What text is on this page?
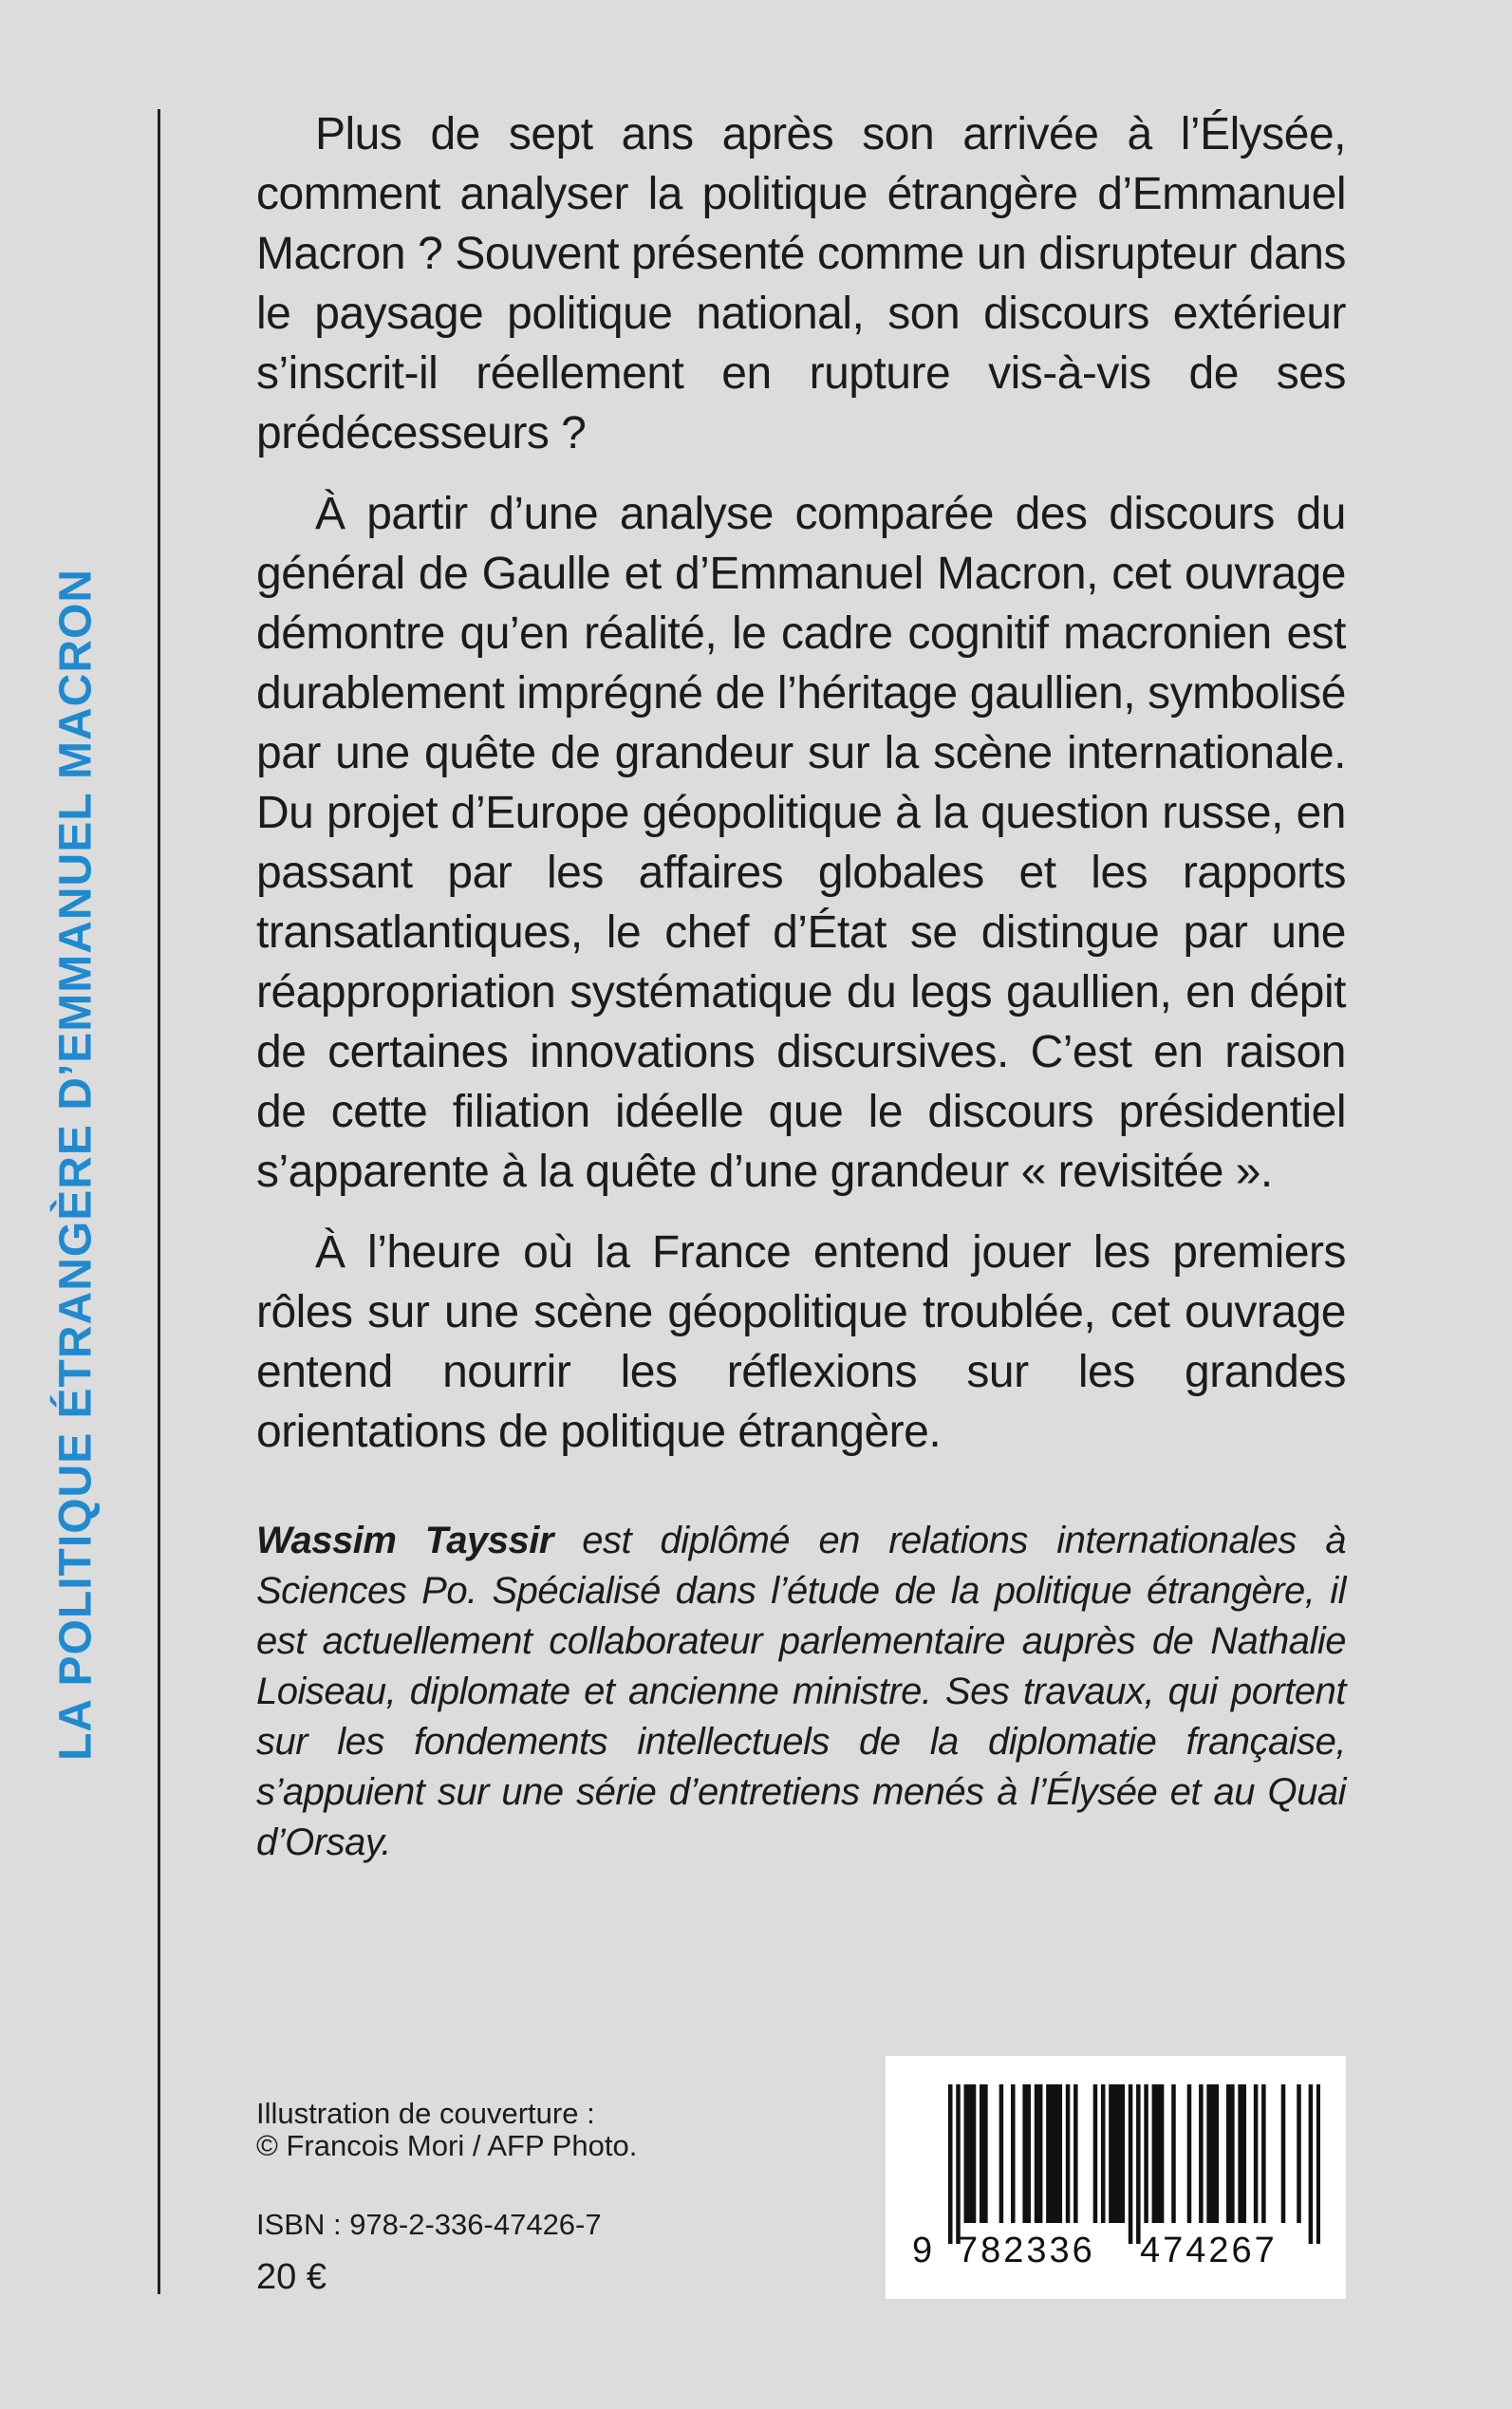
LA POLITIQUE ÉTRANGÈRE D’EMMANUEL MACRON

Plus de sept ans après son arrivée à l’Élysée, comment analyser la politique étrangère d’Emmanuel Macron ? Souvent présenté comme un disrupteur dans le paysage politique national, son discours extérieur s’inscrit-il réellement en rupture vis-à-vis de ses prédécesseurs ?

À partir d’une analyse comparée des discours du général de Gaulle et d’Emmanuel Macron, cet ouvrage démontre qu’en réalité, le cadre cognitif macronien est durablement imprégné de l’héritage gaullien, symbolisé par une quête de grandeur sur la scène internationale. Du projet d’Europe géopolitique à la question russe, en passant par les affaires globales et les rapports transatlantiques, le chef d’État se distingue par une réappropriation systématique du legs gaullien, en dépit de certaines innovations discursives. C’est en raison de cette filiation idéelle que le discours présidentiel s’apparente à la quête d’une grandeur « revisitée ».

À l’heure où la France entend jouer les premiers rôles sur une scène géopolitique troublée, cet ouvrage entend nourrir les réflexions sur les grandes orientations de politique étrangère.

Wassim Tayssir est diplômé en relations internationales à Sciences Po. Spécialisé dans l’étude de la politique étrangère, il est actuellement collaborateur parlementaire auprès de Nathalie Loiseau, diplomate et ancienne ministre. Ses travaux, qui portent sur les fondements intellectuels de la diplomatie française, s’appuient sur une série d’entretiens menés à l’Élysée et au Quai d’Orsay.
Illustration de couverture :
© Francois Mori / AFP Photo.
ISBN : 978-2-336-47426-7
20 €
9 782336 474267
